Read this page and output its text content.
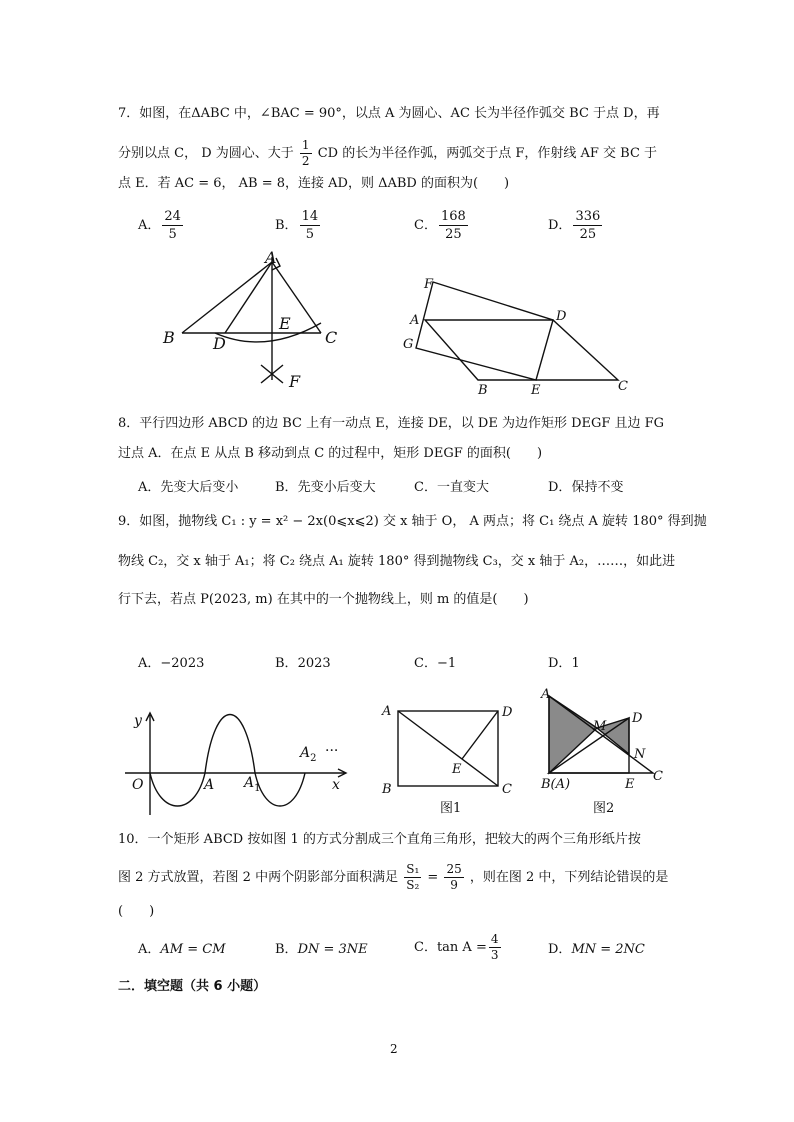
7．如图，在ΔABC 中，∠BAC = 90°，以点 A 为圆心、AC 长为半径作弧交 BC 于点 D，再
分别以点 C， D 为圆心、大于 $\frac{1}{2}$ CD 的长为半径作弧，两弧交于点 F，作射线 AF 交 BC 于
点 E．若 AC = 6， AB = 8，连接 AD，则 ΔABD 的面积为(　　)
A． $\frac{24}{5}$	B． $\frac{14}{5}$	C． $\frac{168}{25}$	D． $\frac{336}{25}$
A
B	C
D
E
F
F
A
G
D
B	E	C
8．平行四边形 ABCD 的边 BC 上有一动点 E，连接 DE，以 DE 为边作矩形 DEGF 且边 FG
过点 A．在点 E 从点 B 移动到点 C 的过程中，矩形 DEGF 的面积(　　)
A．先变大后变小	B．先变小后变大	C．一直变大	D．保持不变
9．如图，抛物线 C₁ : y = x² − 2x(0⩽x⩽2) 交 x 轴于 O， A 两点；将 C₁ 绕点 A 旋转 180° 得到抛
物线 C₂，交 x 轴于 A₁；将 C₂ 绕点 A₁ 旋转 180° 得到抛物线 C₃，交 x 轴于 A₂，……，如此进
行下去，若点 P(2023, m) 在其中的一个抛物线上，则 m 的值是(　　)
A．−2023	B．2023	C．−1	D．1
y
O	A $A_1$
$A_2$ ···
x
A	D
E
B	C
图1
A
M
D
N
B(A)	E
C
图2
10．一个矩形 ABCD 按如图 1 的方式分割成三个直角三角形，把较大的两个三角形纸片按
图 2 方式放置，若图 2 中两个阴影部分面积满足 $\frac{\text{S₁}}{\text{S₂}} = \frac{25}{9}$ ，则在图 2 中，下列结论错误的是
(　　)
A．AM = CM	B．DN = 3NE	C．$\tan A = \frac{4}{3}$	D．MN = 2NC
二．填空题（共 6 小题）
2
